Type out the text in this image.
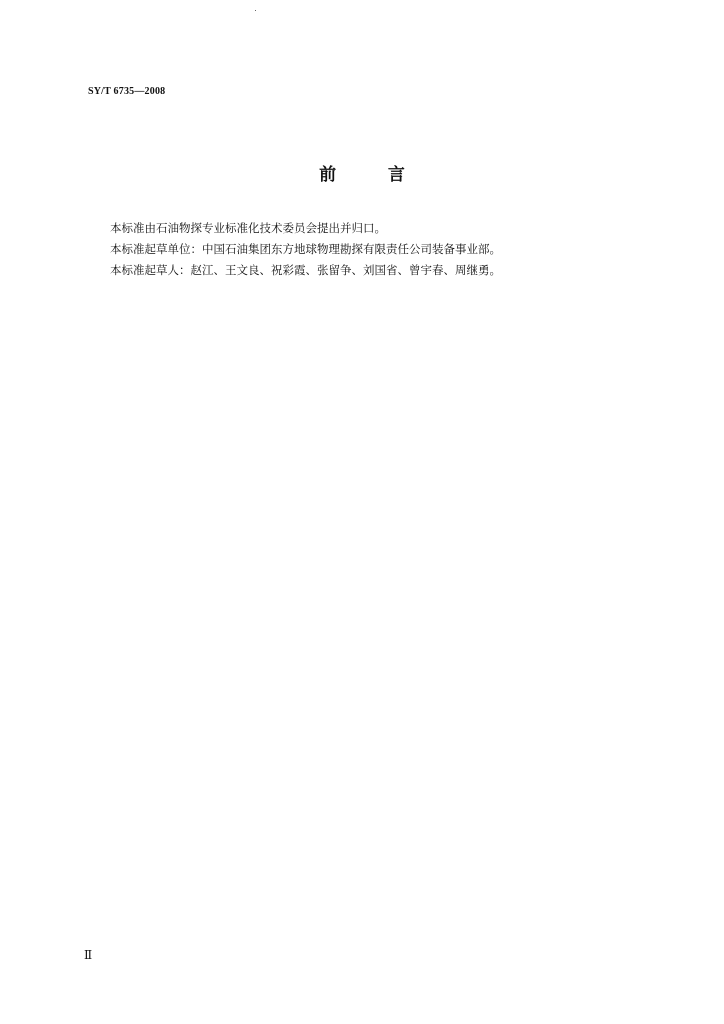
SY/T 6735—2008
前	言
本标准由石油物探专业标准化技术委员会提出并归口。
本标准起草单位：中国石油集团东方地球物理勘探有限责任公司装备事业部。
本标准起草人：赵江、王文良、祝彩霞、张留争、刘国省、曾宇春、周继勇。
Ⅱ
